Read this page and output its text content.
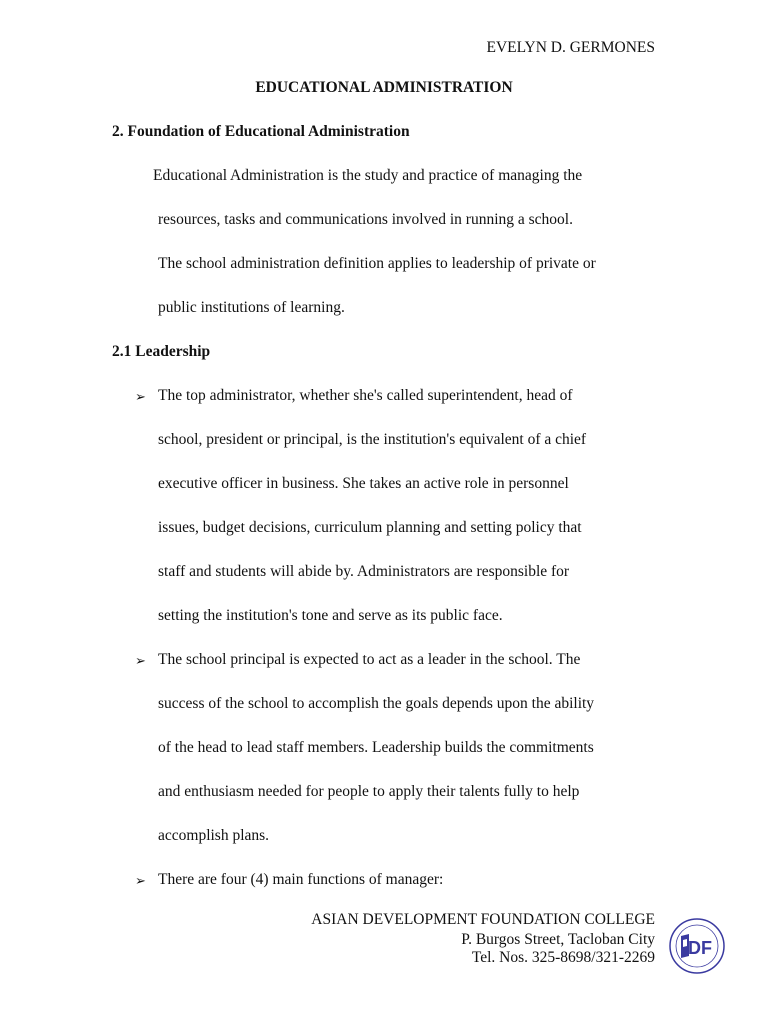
EVELYN D. GERMONES
EDUCATIONAL ADMINISTRATION
2. Foundation of Educational Administration
Educational Administration is the study and practice of managing the
resources, tasks and communications involved in running a school.
The school administration definition applies to leadership of private or
public institutions of learning.
2.1 Leadership
➢ The top administrator, whether she's called superintendent, head of
school, president or principal, is the institution's equivalent of a chief
executive officer in business. She takes an active role in personnel
issues, budget decisions, curriculum planning and setting policy that
staff and students will abide by. Administrators are responsible for
setting the institution's tone and serve as its public face.
➢ The school principal is expected to act as a leader in the school. The
success of the school to accomplish the goals depends upon the ability
of the head to lead staff members. Leadership builds the commitments
and enthusiasm needed for people to apply their talents fully to help
accomplish plans.
➢ There are four (4) main functions of manager:
ASIAN DEVELOPMENT FOUNDATION COLLEGE
P. Burgos Street, Tacloban City
Tel. Nos. 325-8698/321-2269 DF
